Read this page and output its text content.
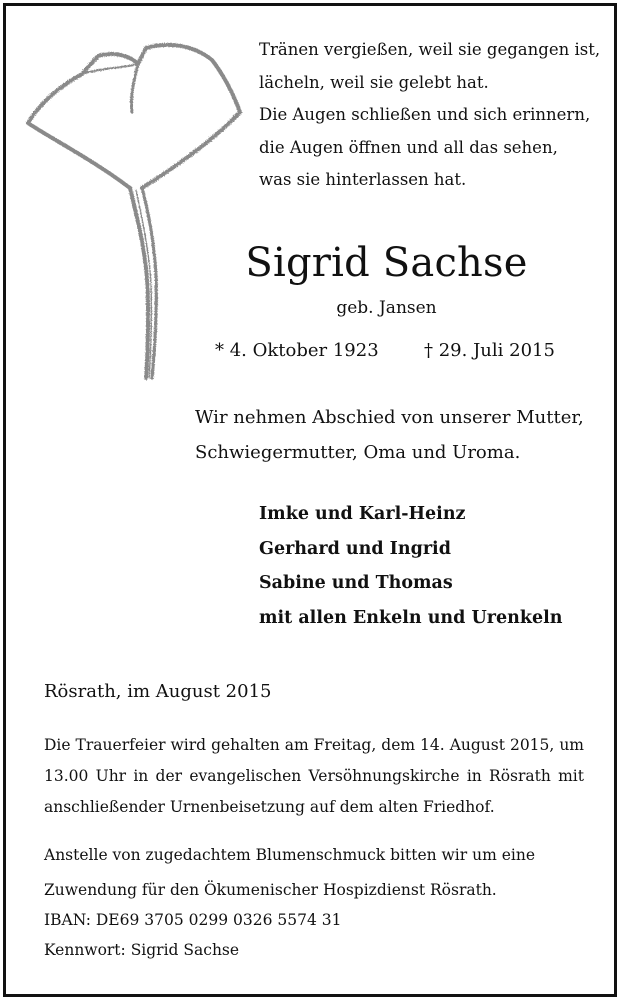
Tränen vergießen, weil sie gegangen ist,
lächeln, weil sie gelebt hat.
Die Augen schließen und sich erinnern,
die Augen öffnen und all das sehen,
was sie hinterlassen hat.
Sigrid Sachse
geb. Jansen
* 4. Oktober 1923	† 29. Juli 2015
Wir nehmen Abschied von unserer Mutter,
Schwiegermutter, Oma und Uroma.
Imke und Karl-Heinz
Gerhard und Ingrid
Sabine und Thomas
mit allen Enkeln und Urenkeln
Rösrath, im August 2015
Die Trauerfeier wird gehalten am Freitag, dem 14. August 2015, um
13.00 Uhr in der evangelischen Versöhnungskirche in Rösrath mit
anschließender Urnenbeisetzung auf dem alten Friedhof.
Anstelle von zugedachtem Blumenschmuck bitten wir um eine
Zuwendung für den Ökumenischer Hospizdienst Rösrath.
IBAN: DE69 3705 0299 0326 5574 31
Kennwort: Sigrid Sachse
